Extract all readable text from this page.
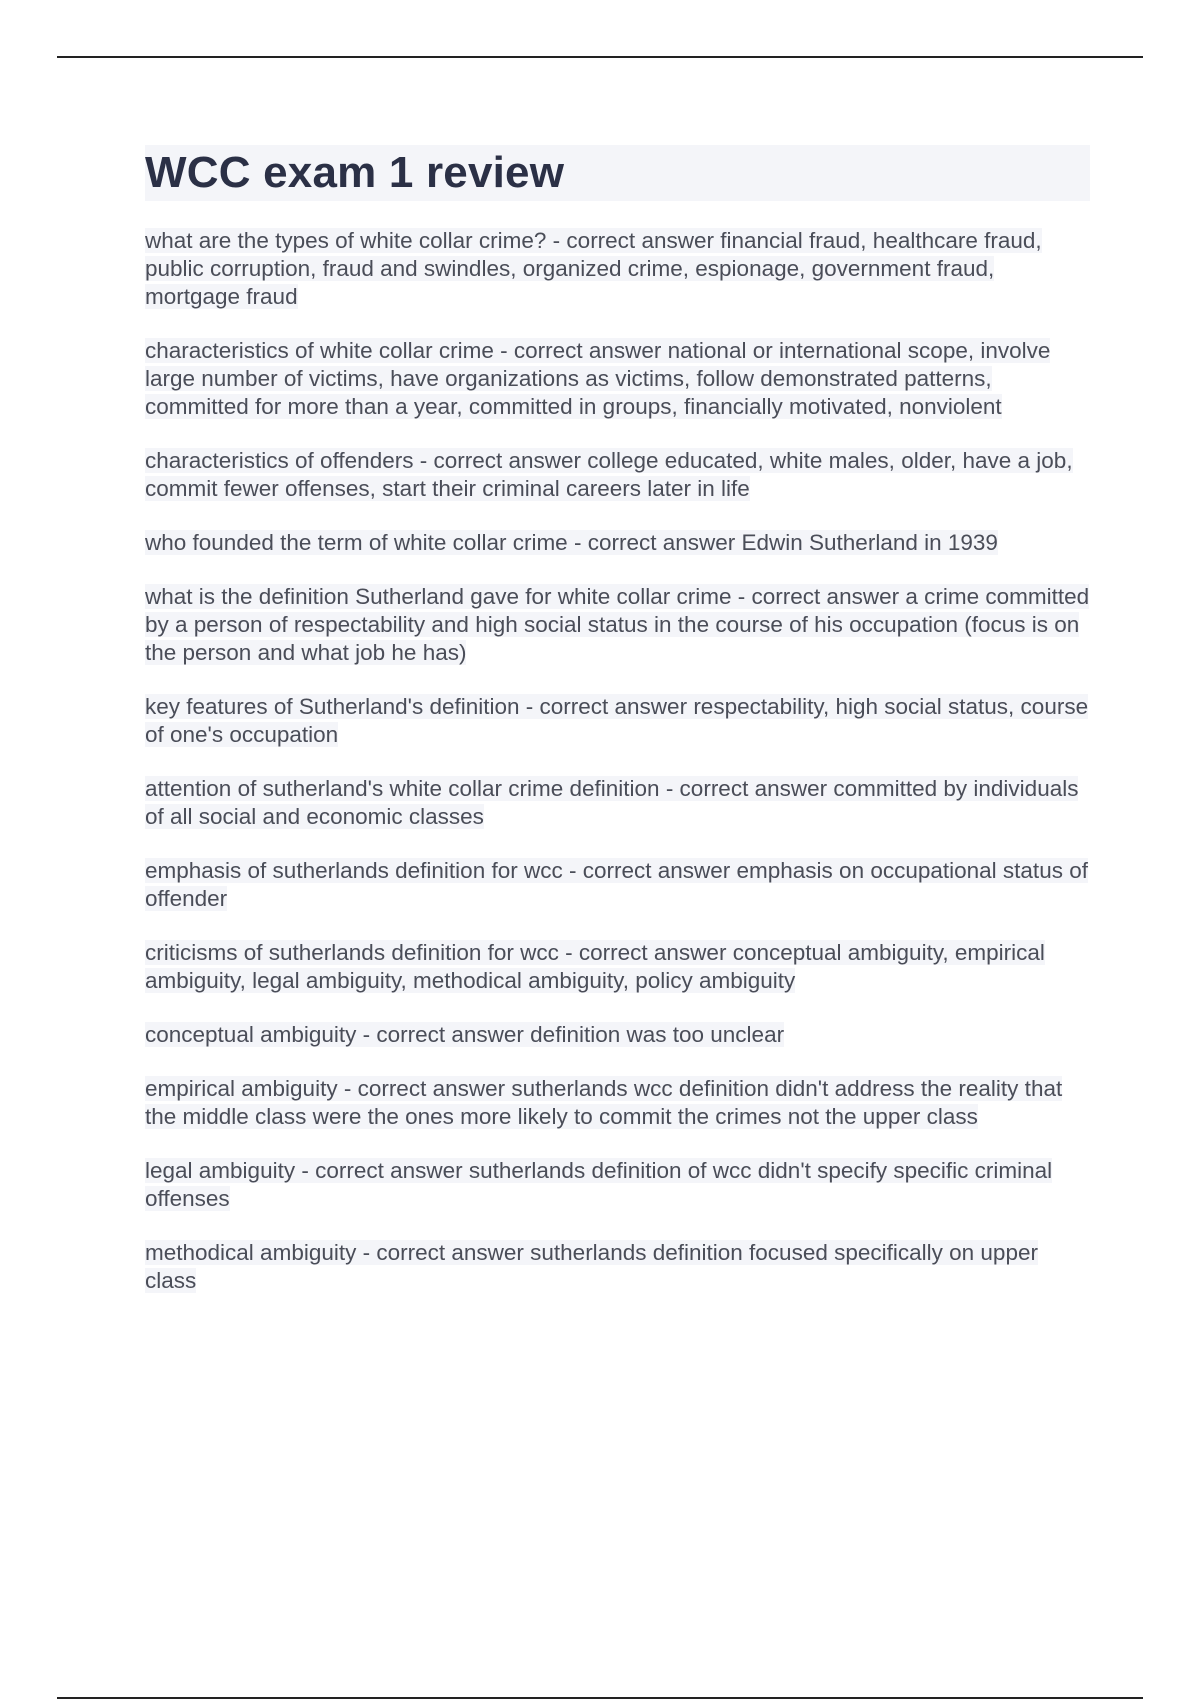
WCC exam 1 review
what are the types of white collar crime? - correct answer financial fraud, healthcare fraud, public corruption, fraud and swindles, organized crime, espionage, government fraud, mortgage fraud
characteristics of white collar crime - correct answer national or international scope, involve large number of victims, have organizations as victims, follow demonstrated patterns, committed for more than a year, committed in groups, financially motivated, nonviolent
characteristics of offenders - correct answer college educated, white males, older, have a job, commit fewer offenses, start their criminal careers later in life
who founded the term of white collar crime - correct answer Edwin Sutherland in 1939
what is the definition Sutherland gave for white collar crime - correct answer a crime committed by a person of respectability and high social status in the course of his occupation (focus is on the person and what job he has)
key features of Sutherland's definition - correct answer respectability, high social status, course of one's occupation
attention of sutherland's white collar crime definition - correct answer committed by individuals of all social and economic classes
emphasis of sutherlands definition for wcc - correct answer emphasis on occupational status of offender
criticisms of sutherlands definition for wcc - correct answer conceptual ambiguity, empirical ambiguity, legal ambiguity, methodical ambiguity, policy ambiguity
conceptual ambiguity - correct answer definition was too unclear
empirical ambiguity - correct answer sutherlands wcc definition didn't address the reality that the middle class were the ones more likely to commit the crimes not the upper class
legal ambiguity - correct answer sutherlands definition of wcc didn't specify specific criminal offenses
methodical ambiguity - correct answer sutherlands definition focused specifically on upper class
